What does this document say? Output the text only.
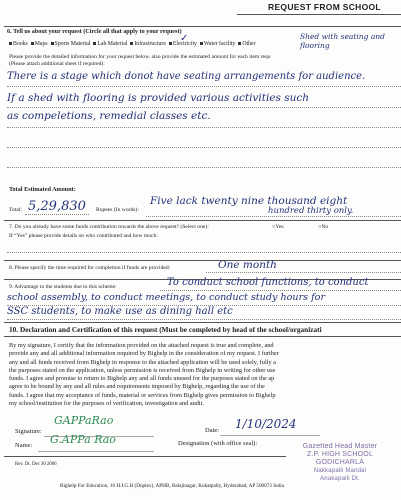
REQUEST FROM SCHOOL
6. Tell us about your request (Circle all that apply to your request)
Books Maps Sports Material Lab Material Infrastructure Electricity Water facility Other
✓	Shed with seating and flooring
Please provide the detailed information for your request below. also provide the estimated amount for each item requ
(Please attach additional sheet if required):
There is a stage which donot have seating arrangements for audience.
If a shed with flooring is provided various activities such
as compeletions, remedial classes etc.
Total Estimated Amount:
Total: 5,29,830 Rupees (In words):
Five lack twenty nine thousand eight
hundred thirty only.
7. Do you already have some funds contribution towards the above request? (Select one):	○Yes	○No
If “Yes” please provide details on who contributed and how much:
8. Please specify the time required for completion if funds are provided:	One month
9. Advantage to the students due to this scheme:	To conduct school functions, to conduct
school assembly, to conduct meetings, to conduct study hours for
SSC students, to make use as dining hall etc
10. Declaration and Certification of this request (Must be completed by head of the school/organizati
By my signature, I certify that the information provided on the attached request is true and complete, and
provide any and all additional information required by Bighelp in the consideration of my request. I further
any and all funds received from Bighelp in response to the attached application will be used solely, fully a
the purposes stated on the application, unless permission is received from Bighelp in writing for other use
funds. I agree and promise to return to Bighelp any and all funds unused for the purposes stated on the ap
agree to be bound by any and all rules and requirements imposed by Bighelp, regarding the use of the
funds. I agree that my acceptance of funds, material or services from Bighelp gives permission to Bighelp
my school/institution for the purposes of verification, investigation and audit.
Signature:
GAPPaRao
Name: G.APPa Rao
Date: 1/10/2024
Designation (with office seal):	Gazetted Head Master
Z.P. HIGH SCHOOL
GODICHARLA
Nakkapalli Mandal
Anakapalli Dt.
Rev. Dt. Dec 30 2006
Bighelp For Education, 16 H.I.G.H (Duplex), APHB, Balajinagar, Kukatpally, Hyderabad, AP 500072 India
